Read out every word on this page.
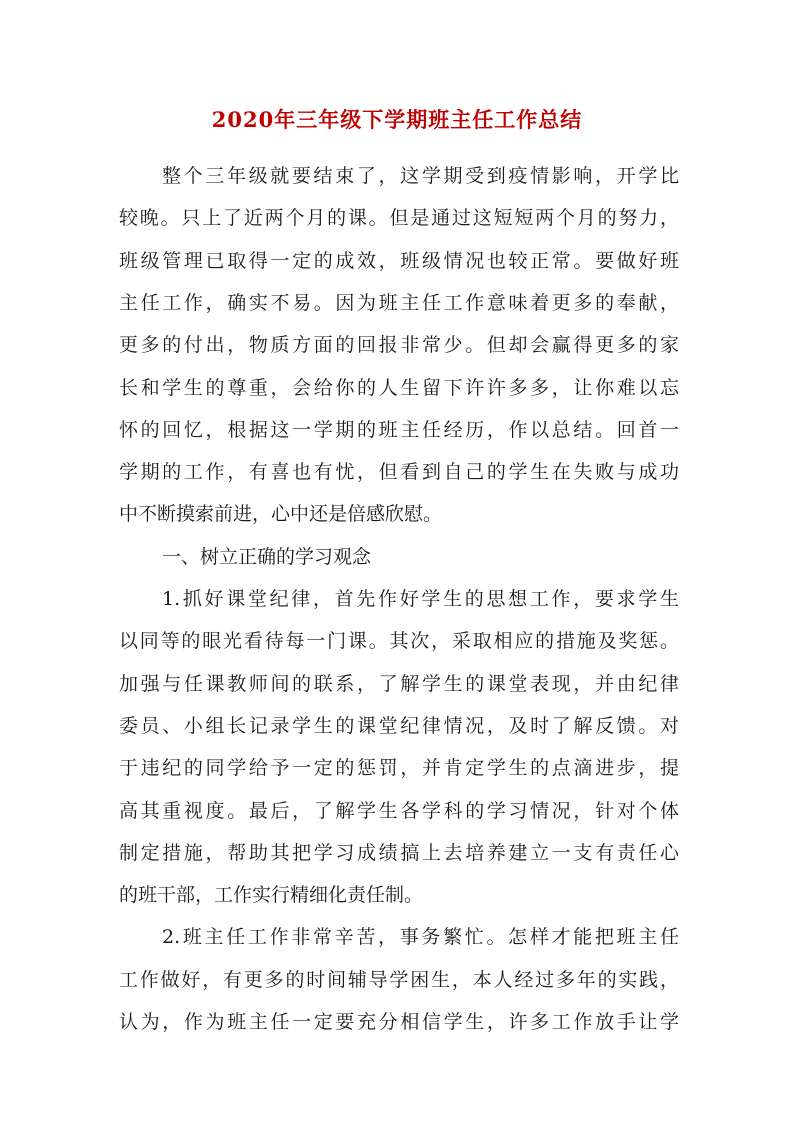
2020年三年级下学期班主任工作总结
整个三年级就要结束了，这学期受到疫情影响，开学比
较晚。只上了近两个月的课。但是通过这短短两个月的努力，
班级管理已取得一定的成效，班级情况也较正常。要做好班
主任工作，确实不易。因为班主任工作意味着更多的奉献，
更多的付出，物质方面的回报非常少。但却会赢得更多的家
长和学生的尊重，会给你的人生留下许许多多，让你难以忘
怀的回忆，根据这一学期的班主任经历，作以总结。回首一
学期的工作，有喜也有忧，但看到自己的学生在失败与成功
中不断摸索前进，心中还是倍感欣慰。
一、树立正确的学习观念
1.抓好课堂纪律，首先作好学生的思想工作，要求学生
以同等的眼光看待每一门课。其次，采取相应的措施及奖惩。
加强与任课教师间的联系，了解学生的课堂表现，并由纪律
委员、小组长记录学生的课堂纪律情况，及时了解反馈。对
于违纪的同学给予一定的惩罚，并肯定学生的点滴进步，提
高其重视度。最后，了解学生各学科的学习情况，针对个体
制定措施，帮助其把学习成绩搞上去培养建立一支有责任心
的班干部，工作实行精细化责任制。
2.班主任工作非常辛苦，事务繁忙。怎样才能把班主任
工作做好，有更多的时间辅导学困生，本人经过多年的实践，
认为，作为班主任一定要充分相信学生，许多工作放手让学
